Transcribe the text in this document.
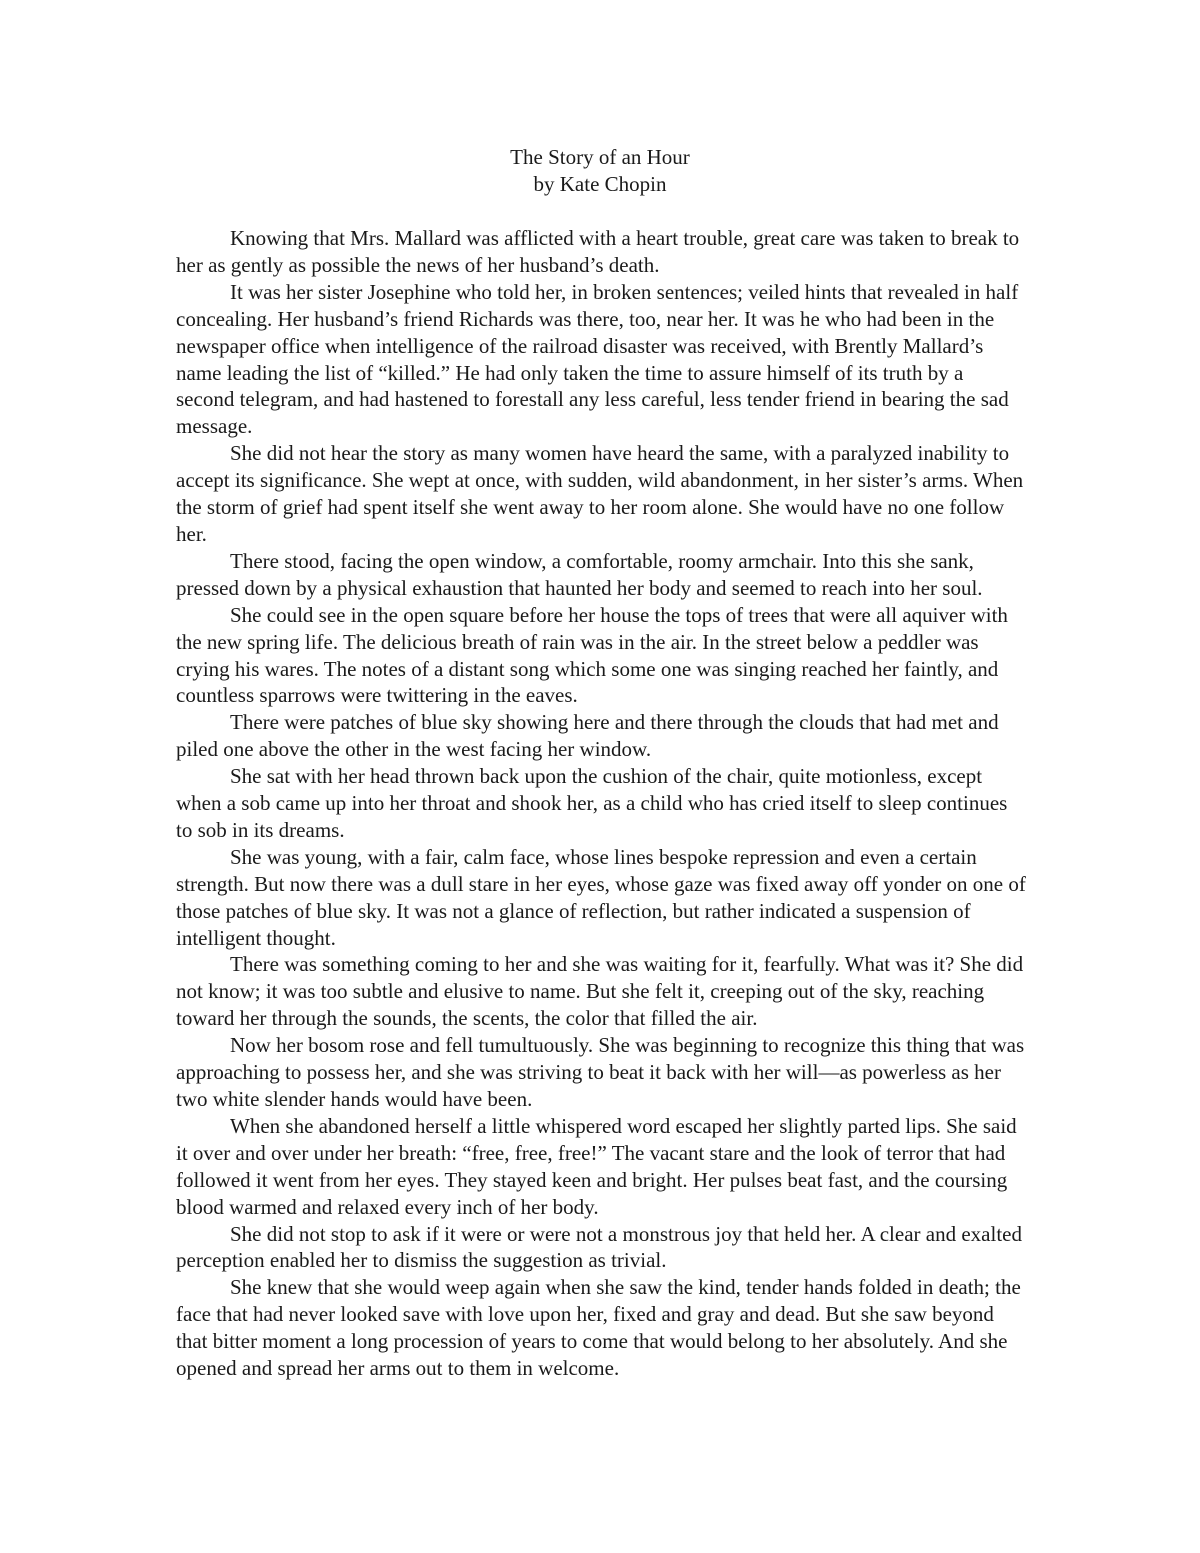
The Story of an Hour
by Kate Chopin

Knowing that Mrs. Mallard was afflicted with a heart trouble, great care was taken to break to her as gently as possible the news of her husband’s death.

It was her sister Josephine who told her, in broken sentences; veiled hints that revealed in half concealing. Her husband’s friend Richards was there, too, near her. It was he who had been in the newspaper office when intelligence of the railroad disaster was received, with Brently Mallard’s name leading the list of “killed.” He had only taken the time to assure himself of its truth by a second telegram, and had hastened to forestall any less careful, less tender friend in bearing the sad message.

She did not hear the story as many women have heard the same, with a paralyzed inability to accept its significance. She wept at once, with sudden, wild abandonment, in her sister’s arms. When the storm of grief had spent itself she went away to her room alone. She would have no one follow her.

There stood, facing the open window, a comfortable, roomy armchair. Into this she sank, pressed down by a physical exhaustion that haunted her body and seemed to reach into her soul.

She could see in the open square before her house the tops of trees that were all aquiver with the new spring life. The delicious breath of rain was in the air. In the street below a peddler was crying his wares. The notes of a distant song which some one was singing reached her faintly, and countless sparrows were twittering in the eaves.

There were patches of blue sky showing here and there through the clouds that had met and piled one above the other in the west facing her window.

She sat with her head thrown back upon the cushion of the chair, quite motionless, except when a sob came up into her throat and shook her, as a child who has cried itself to sleep continues to sob in its dreams.

She was young, with a fair, calm face, whose lines bespoke repression and even a certain strength. But now there was a dull stare in her eyes, whose gaze was fixed away off yonder on one of those patches of blue sky. It was not a glance of reflection, but rather indicated a suspension of intelligent thought.

There was something coming to her and she was waiting for it, fearfully. What was it? She did not know; it was too subtle and elusive to name. But she felt it, creeping out of the sky, reaching toward her through the sounds, the scents, the color that filled the air.

Now her bosom rose and fell tumultuously. She was beginning to recognize this thing that was approaching to possess her, and she was striving to beat it back with her will—as powerless as her two white slender hands would have been.

When she abandoned herself a little whispered word escaped her slightly parted lips. She said it over and over under her breath: “free, free, free!” The vacant stare and the look of terror that had followed it went from her eyes. They stayed keen and bright. Her pulses beat fast, and the coursing blood warmed and relaxed every inch of her body.

She did not stop to ask if it were or were not a monstrous joy that held her. A clear and exalted perception enabled her to dismiss the suggestion as trivial.

She knew that she would weep again when she saw the kind, tender hands folded in death; the face that had never looked save with love upon her, fixed and gray and dead. But she saw beyond that bitter moment a long procession of years to come that would belong to her absolutely. And she opened and spread her arms out to them in welcome.
